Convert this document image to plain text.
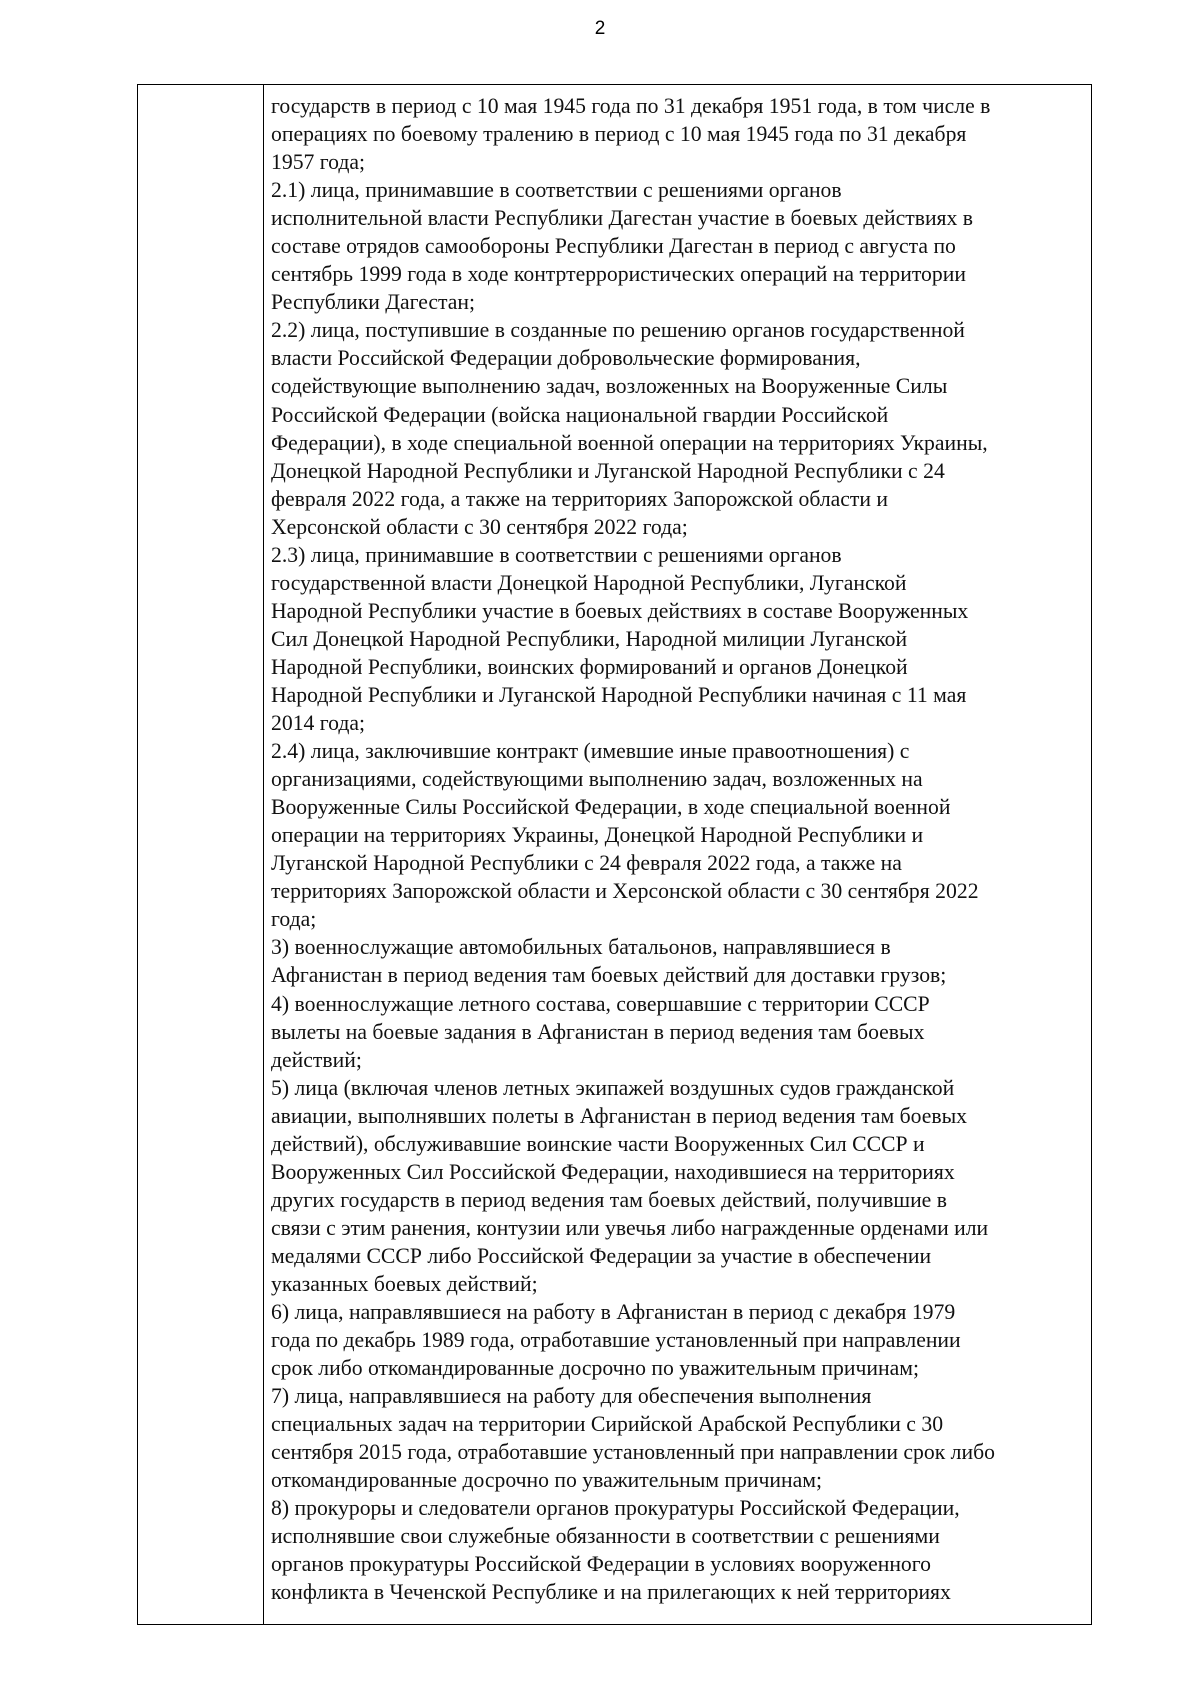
2
государств в период с 10 мая 1945 года по 31 декабря 1951 года, в том числе в
операциях по боевому тралению в период с 10 мая 1945 года по 31 декабря
1957 года;
2.1) лица, принимавшие в соответствии с решениями органов
исполнительной власти Республики Дагестан участие в боевых действиях в
составе отрядов самообороны Республики Дагестан в период с августа по
сентябрь 1999 года в ходе контртеррористических операций на территории
Республики Дагестан;
2.2) лица, поступившие в созданные по решению органов государственной
власти Российской Федерации добровольческие формирования,
содействующие выполнению задач, возложенных на Вооруженные Силы
Российской Федерации (войска национальной гвардии Российской
Федерации), в ходе специальной военной операции на территориях Украины,
Донецкой Народной Республики и Луганской Народной Республики с 24
февраля 2022 года, а также на территориях Запорожской области и
Херсонской области с 30 сентября 2022 года;
2.3) лица, принимавшие в соответствии с решениями органов
государственной власти Донецкой Народной Республики, Луганской
Народной Республики участие в боевых действиях в составе Вооруженных
Сил Донецкой Народной Республики, Народной милиции Луганской
Народной Республики, воинских формирований и органов Донецкой
Народной Республики и Луганской Народной Республики начиная с 11 мая
2014 года;
2.4) лица, заключившие контракт (имевшие иные правоотношения) с
организациями, содействующими выполнению задач, возложенных на
Вооруженные Силы Российской Федерации, в ходе специальной военной
операции на территориях Украины, Донецкой Народной Республики и
Луганской Народной Республики с 24 февраля 2022 года, а также на
территориях Запорожской области и Херсонской области с 30 сентября 2022
года;
3) военнослужащие автомобильных батальонов, направлявшиеся в
Афганистан в период ведения там боевых действий для доставки грузов;
4) военнослужащие летного состава, совершавшие с территории СССР
вылеты на боевые задания в Афганистан в период ведения там боевых
действий;
5) лица (включая членов летных экипажей воздушных судов гражданской
авиации, выполнявших полеты в Афганистан в период ведения там боевых
действий), обслуживавшие воинские части Вооруженных Сил СССР и
Вооруженных Сил Российской Федерации, находившиеся на территориях
других государств в период ведения там боевых действий, получившие в
связи с этим ранения, контузии или увечья либо награжденные орденами или
медалями СССР либо Российской Федерации за участие в обеспечении
указанных боевых действий;
6) лица, направлявшиеся на работу в Афганистан в период с декабря 1979
года по декабрь 1989 года, отработавшие установленный при направлении
срок либо откомандированные досрочно по уважительным причинам;
7) лица, направлявшиеся на работу для обеспечения выполнения
специальных задач на территории Сирийской Арабской Республики с 30
сентября 2015 года, отработавшие установленный при направлении срок либо
откомандированные досрочно по уважительным причинам;
8) прокуроры и следователи органов прокуратуры Российской Федерации,
исполнявшие свои служебные обязанности в соответствии с решениями
органов прокуратуры Российской Федерации в условиях вооруженного
конфликта в Чеченской Республике и на прилегающих к ней территориях
